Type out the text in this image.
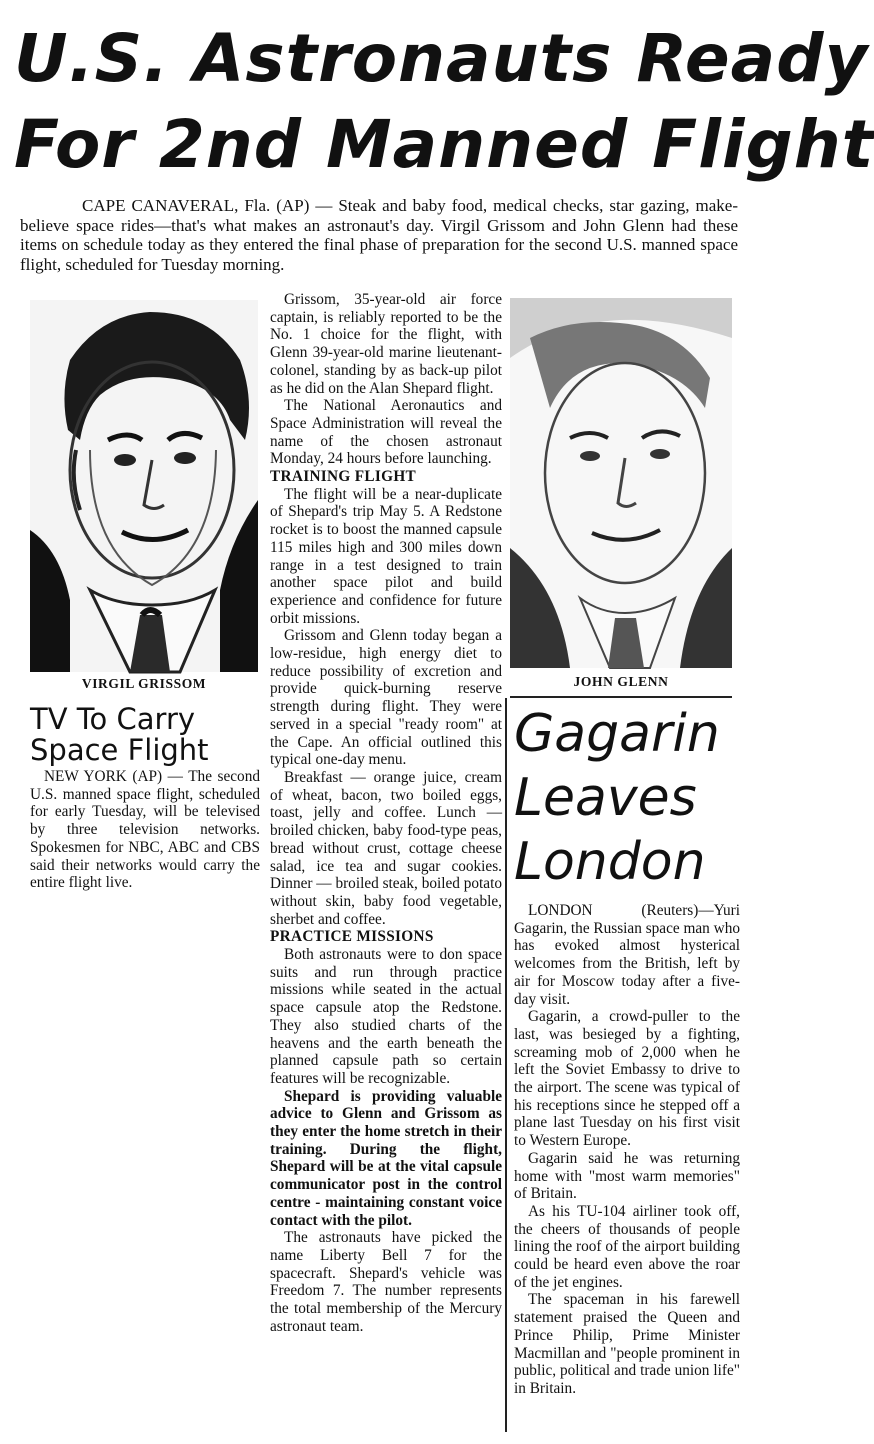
U.S. Astronauts Ready
For 2nd Manned Flight

CAPE CANAVERAL, Fla. (AP) — Steak and baby food, medical checks, star gazing, make-believe space rides—that's what makes an astronaut's day. Virgil Grissom and John Glenn had these items on schedule today as they entered the final phase of preparation for the second U.S. manned space flight, scheduled for Tuesday morning.

VIRGIL GRISSOM	JOHN GLENN

Grissom, 35-year-old air force captain, is reliably reported to be the No. 1 choice for the flight, with Glenn 39-year-old marine lieutenant-colonel, standing by as back-up pilot as he did on the Alan Shepard flight.

The National Aeronautics and Space Administration will reveal the name of the chosen astronaut Monday, 24 hours before launching.

TRAINING FLIGHT

The flight will be a near-duplicate of Shepard's trip May 5. A Redstone rocket is to boost the manned capsule 115 miles high and 300 miles down range in a test designed to train another space pilot and build experience and confidence for future orbit missions.

Grissom and Glenn today began a low-residue, high energy diet to reduce possibility of excretion and provide quick-burning reserve strength during flight. They were served in a special "ready room" at the Cape. An official outlined this typical one-day menu.

Breakfast — orange juice, cream of wheat, bacon, two boiled eggs, toast, jelly and coffee. Lunch — broiled chicken, baby food-type peas, bread without crust, cottage cheese salad, ice tea and sugar cookies. Dinner — broiled steak, boiled potato without skin, baby food vegetable, sherbet and coffee.

PRACTICE MISSIONS

Both astronauts were to don space suits and run through practice missions while seated in the actual space capsule atop the Redstone. They also studied charts of the heavens and the earth beneath the planned capsule path so certain features will be recognizable.

Shepard is providing valuable advice to Glenn and Grissom as they enter the home stretch in their training. During the flight, Shepard will be at the vital capsule communicator post in the control centre - maintaining constant voice contact with the pilot.

The astronauts have picked the name Liberty Bell 7 for the spacecraft. Shepard's vehicle was Freedom 7. The number represents the total membership of the Mercury astronaut team.

TV To Carry
Space Flight

NEW YORK (AP) — The second U.S. manned space flight, scheduled for early Tuesday, will be televised by three television networks. Spokesmen for NBC, ABC and CBS said their networks would carry the entire flight live.

Gagarin
Leaves
London

LONDON (Reuters)—Yuri Gagarin, the Russian space man who has evoked almost hysterical welcomes from the British, left by air for Moscow today after a five-day visit.

Gagarin, a crowd-puller to the last, was besieged by a fighting, screaming mob of 2,000 when he left the Soviet Embassy to drive to the airport. The scene was typical of his receptions since he stepped off a plane last Tuesday on his first visit to Western Europe.

Gagarin said he was returning home with "most warm memories" of Britain.

As his TU-104 airliner took off, the cheers of thousands of people lining the roof of the airport building could be heard even above the roar of the jet engines.

The spaceman in his farewell statement praised the Queen and Prince Philip, Prime Minister Macmillan and "people prominent in public, political and trade union life" in Britain.
